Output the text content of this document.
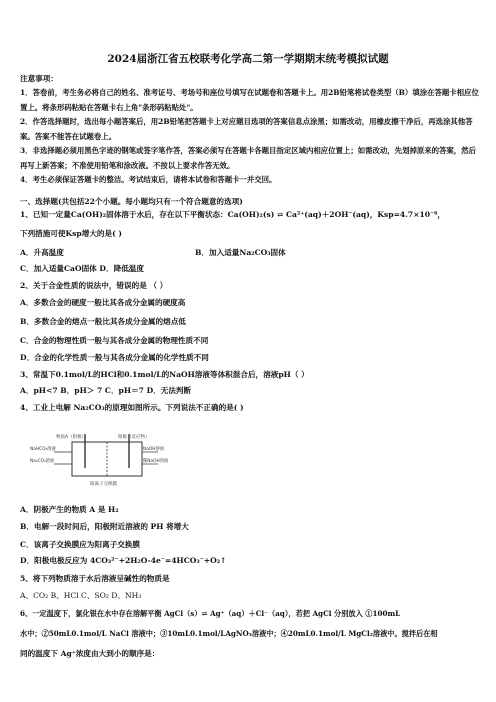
2024届浙江省五校联考化学高二第一学期期末统考模拟试题
注意事项：
1．答卷前，考生务必将自己的姓名、准考证号、考场号和座位号填写在试题卷和答题卡上。用2B铅笔将试卷类型（B）填涂在答题卡相应位置上。将条形码粘贴在答题卡右上角"条形码粘贴处"。
2．作答选择题时，选出每小题答案后，用2B铅笔把答题卡上对应题目选项的答案信息点涂黑；如需改动，用橡皮擦干净后，再选涂其他答案。答案不能答在试题卷上。
3．非选择题必须用黑色字迹的钢笔或签字笔作答，答案必须写在答题卡各题目指定区域内相应位置上；如需改动，先划掉原来的答案，然后再写上新答案；不准使用铅笔和涂改液。不按以上要求作答无效。
4．考生必须保证答题卡的整洁。考试结束后，请将本试卷和答题卡一并交回。
一、选择题(共包括22个小题。每小题均只有一个符合题意的选项)
1、已知一定量Ca(OH)₂固体溶于水后，存在以下平衡状态：Ca(OH)₂(s) ⇌ Ca²⁺(aq)＋2OH⁻(aq)，Ksp=4.7×10⁻⁶，
下列措施可使Ksp增大的是( )
A．升高温度	B．加入适量Na₂CO₃固体
C．加入适量CaO固体 D．降低温度
2、关于合金性质的说法中，错误的是 （ ）
A．多数合金的硬度一般比其各成分金属的硬度高
B．多数合金的熔点一般比其各成分金属的熔点低
C．合金的物理性质一般与其各成分金属的物理性质不同
D．合金的化学性质一般与其各成分金属的化学性质不同
3、常温下0.1mol/L的HCl和0.1mol/L的NaOH溶液等体积混合后，溶液pH（ ）
A．pH<7 B．pH＞ 7 C．pH＝7 D．无法判断
4、工业上电解 Na₂CO₃的原理如图所示。下列说法不正确的是( )
物质A（阴极）	阳极（反应物）
NaHCO₃溶液
Na₂CO₃溶液
NaOH溶液
稀NaOH溶液
阳离子交换膜
A．阴极产生的物质 A 是 H₂
B．电解一段时间后，阳极附近溶液的 PH 将增大
C．该离子交换膜应为阳离子交换膜
D．阳极电极反应为 4CO₃²⁻+2H₂O-4e⁻=4HCO₃⁻+O₂↑
5、将下列物质溶于水后溶液呈碱性的物质是
A、CO₂ B、HCl C、SO₂ D、NH₃
6、一定温度下，氯化银在水中存在溶解平衡 AgCl（s）⇌ Ag⁺（aq）＋Cl⁻（aq），若把 AgCl 分别放入 ①100mL
水中；②50mL0.1mol/L NaCl 溶液中；③10mL0.1mol/LAgNO₃溶液中；④20mL0.1mol/L MgCl₂溶液中。搅拌后在相
同的温度下 Ag⁺浓度由大到小的顺序是：
